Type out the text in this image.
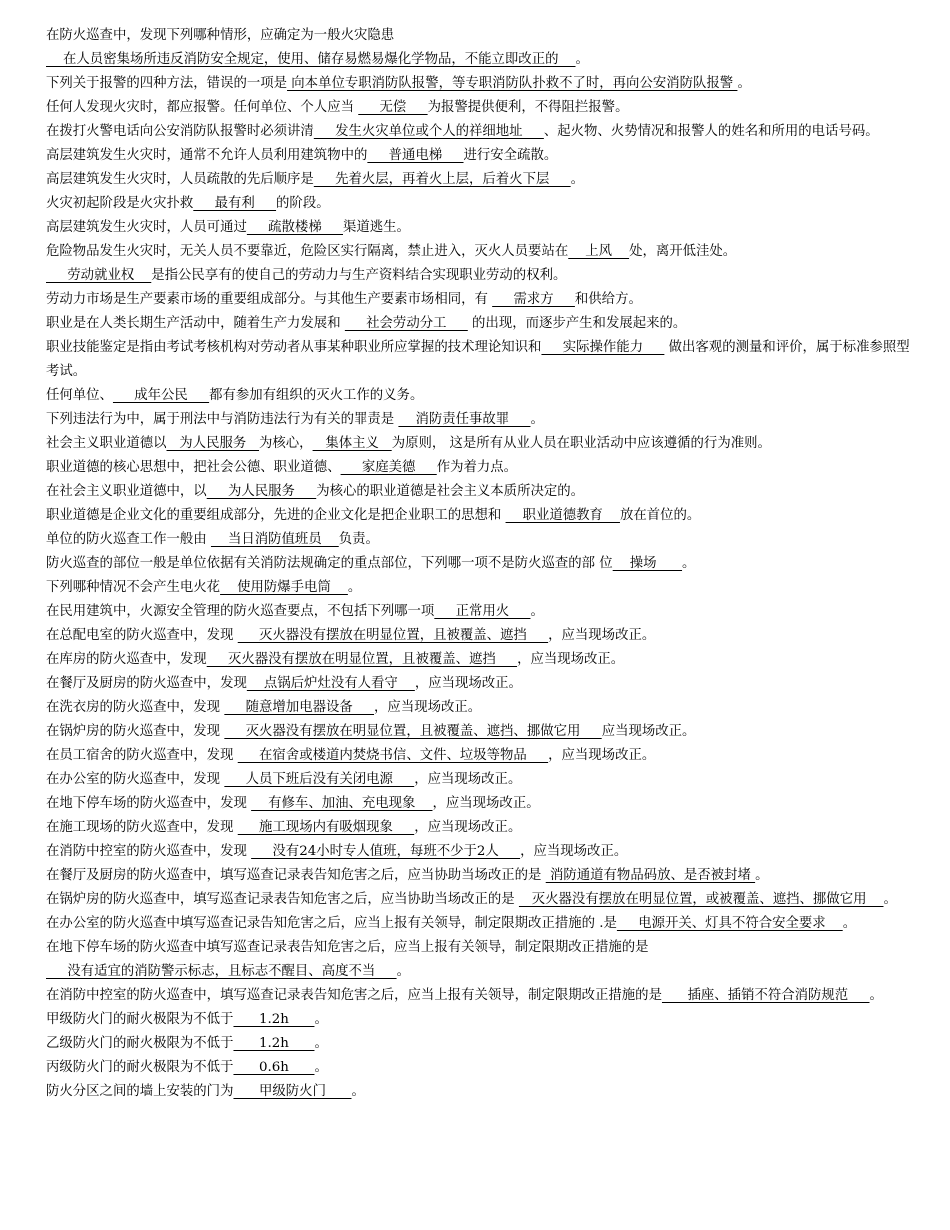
在防火巡查中，发现下列哪种情形，应确定为一般火灾隐患     在人员密集场所违反消防安全规定，使用、储存易燃易爆化学物品，不能立即改正的    。

下列关于报警的四种方法，错误的一项是 向本单位专职消防队报警，等专职消防队扑救不了时，再向公安消防队报警 。

任何人发现火灾时，都应报警。任何单位、个人应当      无偿     为报警提供便利，不得阻拦报警。

在拨打火警电话向公安消防队报警时必须讲清     发生火灾单位或个人的祥细地址     、起火物、火势情况和报警人的姓名和所用的电话号码。

高层建筑发生火灾时，通常不允许人员利用建筑物中的     普通电梯     进行安全疏散。

高层建筑发生火灾时，人员疏散的先后顺序是     先着火层，再着火上层，后着火下层     。

火灾初起阶段是火灾扑救     最有利     的阶段。

高层建筑发生火灾时，人员可通过     疏散楼梯     渠道逃生。

危险物品发生火灾时，无关人员不要靠近，危险区实行隔离，禁止进入，灭火人员要站在    上风    处，离开低洼处。

劳动就业权    是指公民享有的使自己的劳动力与生产资料结合实现职业劳动的权利。

劳动力市场是生产要素市场的重要组成部分。与其他生产要素市场相同，有      需求方     和供给方。

职业是在人类长期生产活动中，随着生产力发展和      社会劳动分工      的出现，而逐步产生和发展起来的。

职业技能鉴定是指由考试考核机构对劳动者从事某种职业所应掌握的技术理论知识和     实际操作能力      做出客观的测量和评价，属于标准参照型考试。

任何单位、     成年公民     都有参加有组织的灭火工作的义务。

下列违法行为中，属于刑法中与消防违法行为有关的罪责是     消防责任事故罪     。

社会主义职业道德以   为人民服务   为核心，   集体主义   为原则， 这是所有从业人员在职业活动中应该遵循的行为准则。

职业道德的核心思想中，把社会公德、职业道德、     家庭美德     作为着力点。

在社会主义职业道德中，以     为人民服务     为核心的职业道德是社会主义本质所决定的。

职业道德是企业文化的重要组成部分，先进的企业文化是把企业职工的思想和     职业道德教育    放在首位的。

单位的防火巡查工作一般由     当日消防值班员    负责。

防火巡查的部位一般是单位依据有关消防法规确定的重点部位，下列哪一项不是防火巡查的部 位    操场      。

下列哪种情况不会产生电火花    使用防爆手电筒    。

在民用建筑中，火源安全管理的防火巡查要点，不包括下列哪一项     正常用火     。

在总配电室的防火巡查中，发现      灭火器没有摆放在明显位置，且被覆盖、遮挡     ，应当现场改正。

在库房的防火巡查中，发现     灭火器没有摆放在明显位置，且被覆盖、遮挡     ，应当现场改正。

在餐厅及厨房的防火巡查中，发现    点锅后炉灶没有人看守    ，应当现场改正。

在洗衣房的防火巡查中，发现      随意增加电器设备     ，应当现场改正。

在锅炉房的防火巡查中，发现      灭火器没有摆放在明显位置，且被覆盖、遮挡、挪做它用     应当现场改正。

在员工宿舍的防火巡查中，发现      在宿舍或楼道内焚烧书信、文件、垃圾等物品     ，应当现场改正。

在办公室的防火巡查中，发现      人员下班后没有关闭电源     ，应当现场改正。

在地下停车场的防火巡查中，发现     有修车、加油、充电现象    ，应当现场改正。

在施工现场的防火巡查中，发现      施工现场内有吸烟现象     ，应当现场改正。

在消防中控室的防火巡查中，发现      没有24小时专人值班，每班不少于2人     ，应当现场改正。

在餐厅及厨房的防火巡查中，填写巡查记录表告知危害之后，应当协助当场改正的是  消防通道有物品码放、是否被封堵 。

在锅炉房的防火巡查中，填写巡查记录表告知危害之后，应当协助当场改正的是    灭火器没有摆放在明显位置，或被覆盖、遮挡、挪做它用    。

在办公室的防火巡查中填写巡查记录告知危害之后，应当上报有关领导，制定限期改正措施的 .是     电源开关、灯具不符合安全要求    。

在地下停车场的防火巡查中填写巡查记录表告知危害之后，应当上报有关领导，制定限期改正措施的是     没有适宜的消防警示标志，且标志不醒目、高度不当     。

在消防中控室的防火巡查中，填写巡查记录表告知危害之后，应当上报有关领导，制定限期改正措施的是      插座、插销不符合消防规范     。

甲级防火门的耐火极限为不低于      1.2h      。

乙级防火门的耐火极限为不低于      1.2h      。

丙级防火门的耐火极限为不低于      0.6h      。

防火分区之间的墙上安装的门为      甲级防火门      。
